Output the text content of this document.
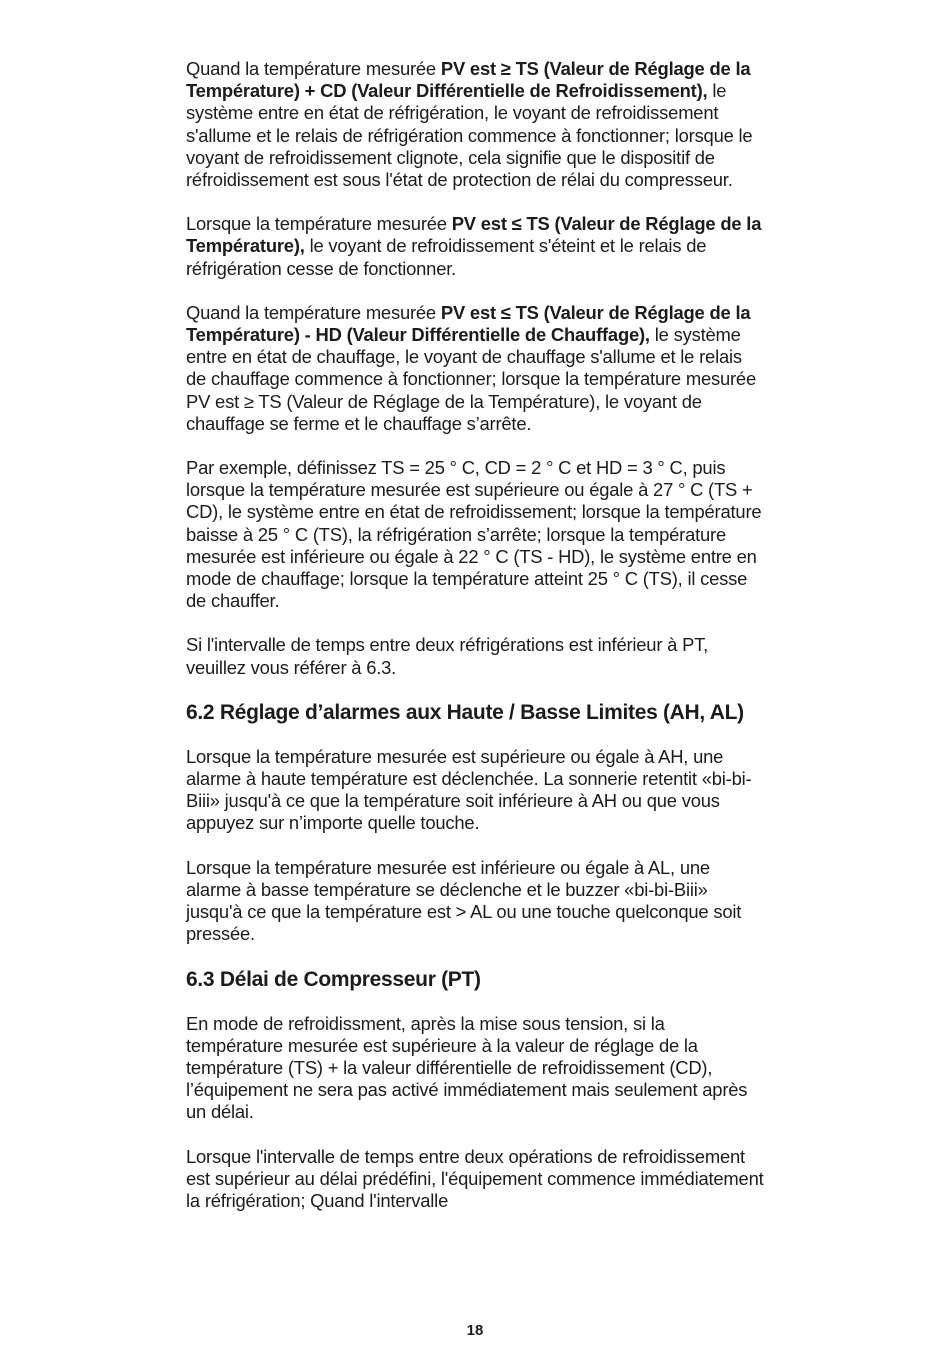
Quand la température mesurée PV est ≥ TS (Valeur de Réglage de la Température) + CD (Valeur Différentielle de Refroidissement), le système entre en état de réfrigération, le voyant de refroidissement s'allume et le relais de réfrigération commence à fonctionner; lorsque le voyant de refroidissement clignote, cela signifie que le dispositif de réfroidissement est sous l'état de protection de rélai du compresseur.

Lorsque la température mesurée PV est ≤ TS (Valeur de Réglage de la Température), le voyant de refroidissement s'éteint et le relais de réfrigération cesse de fonctionner.

Quand la température mesurée PV est ≤ TS (Valeur de Réglage de la Température) - HD (Valeur Différentielle de Chauffage), le système entre en état de chauffage, le voyant de chauffage s'allume et le relais de chauffage commence à fonctionner; lorsque la température mesurée PV est ≥ TS (Valeur de Réglage de la Température), le voyant de chauffage se ferme et le chauffage s’arrête.

Par exemple, définissez TS = 25 ° C, CD = 2 ° C et HD = 3 ° C, puis lorsque la température mesurée est supérieure ou égale à 27 ° C (TS + CD), le système entre en état de refroidissement; lorsque la température baisse à 25 ° C (TS), la réfrigération s’arrête; lorsque la température mesurée est inférieure ou égale à 22 ° C (TS - HD), le système entre en mode de chauffage; lorsque la température atteint 25 ° C (TS), il cesse de chauffer.

Si l'intervalle de temps entre deux réfrigérations est inférieur à PT, veuillez vous référer à 6.3.

6.2 Réglage d’alarmes aux Haute / Basse Limites (AH, AL)

Lorsque la température mesurée est supérieure ou égale à AH, une alarme à haute température est déclenchée. La sonnerie retentit «bi-bi-Biii» jusqu'à ce que la température soit inférieure à AH ou que vous appuyez sur n’importe quelle touche.

Lorsque la température mesurée est inférieure ou égale à AL, une alarme à basse température se déclenche et le buzzer «bi-bi-Biii» jusqu'à ce que la température est > AL ou une touche quelconque soit pressée.

6.3 Délai de Compresseur (PT)

En mode de refroidissment, après la mise sous tension, si la température mesurée est supérieure à la valeur de réglage de la température (TS) + la valeur différentielle de refroidissement (CD), l’équipement ne sera pas activé immédiatement mais seulement après un délai.

Lorsque l'intervalle de temps entre deux opérations de refroidissement est supérieur au délai prédéfini, l'équipement commence immédiatement la réfrigération; Quand l'intervalle

18
